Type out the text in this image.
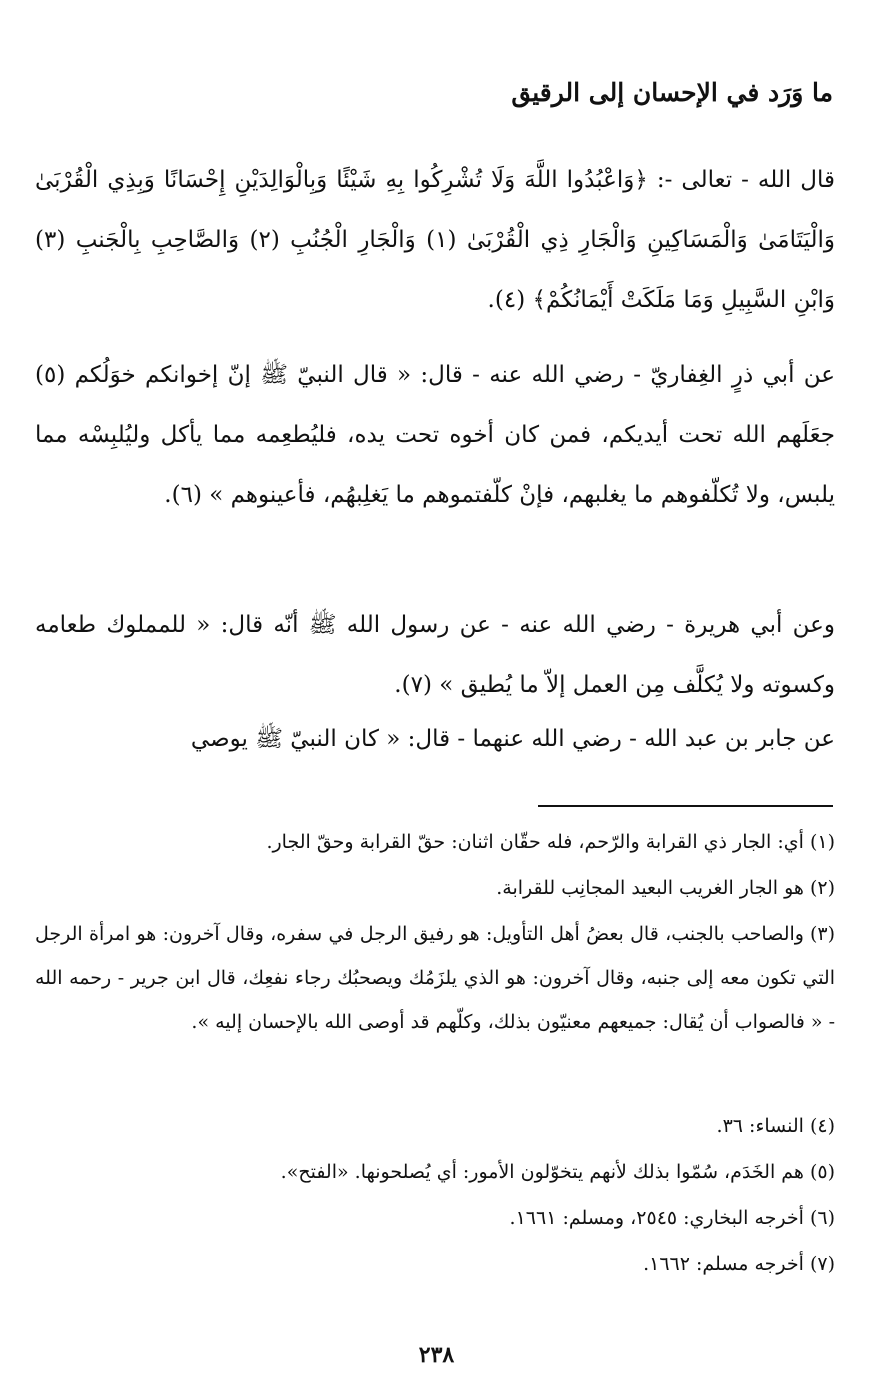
ما وَرَد في الإحسان إلى الرقيق
قال الله - تعالى -: ﴿وَاعْبُدُوا اللَّهَ وَلَا تُشْرِكُوا بِهِ شَيْئًا وَبِالْوَالِدَيْنِ إِحْسَانًا وَبِذِي الْقُرْبَىٰ وَالْيَتَامَىٰ وَالْمَسَاكِينِ وَالْجَارِ ذِي الْقُرْبَىٰ (١) وَالْجَارِ الْجُنُبِ (٢) وَالصَّاحِبِ بِالْجَنبِ (٣) وَابْنِ السَّبِيلِ وَمَا مَلَكَتْ أَيْمَانُكُمْ﴾ (٤).
عن أبي ذرٍ الغِفاريّ - رضي الله عنه - قال: « قال النبيّ ﷺ إنّ إخوانكم خوَلُكم (٥) جعَلَهم الله تحت أيديكم، فمن كان أخوه تحت يده، فليُطعِمه مما يأكل وليُلبِسْه مما يلبس، ولا تُكلّفوهم ما يغلبهم، فإنْ كلّفتموهم ما يَغلِبهُم، فأعينوهم » (٦).
وعن أبي هريرة - رضي الله عنه - عن رسول الله ﷺ أنّه قال: « للمملوك طعامه وكسوته ولا يُكلَّف مِن العمل إلاّ ما يُطيق » (٧).
عن جابر بن عبد الله - رضي الله عنهما - قال: « كان النبيّ ﷺ يوصي
(١)أي: الجار ذي القرابة والرّحم، فله حقّان اثنان: حقّ القرابة وحقّ الجار.
(٢)هو الجار الغريب البعيد المجانِب للقرابة.
(٣)والصاحب بالجنب، قال بعضُ أهل التأويل: هو رفيق الرجل في سفره، وقال آخرون: هو امرأة الرجل التي تكون معه إلى جنبه، وقال آخرون: هو الذي يلزَمُك ويصحبُك رجاء نفعِك، قال ابن جرير - رحمه الله - « فالصواب أن يُقال: جميعهم معنيّون بذلك، وكلّهم قد أوصى الله بالإحسان إليه ».
(٤)النساء: ٣٦.
(٥)هم الخَدَم، سُمّوا بذلك لأنهم يتخوّلون الأمور: أي يُصلحونها. «الفتح».
(٦)أخرجه البخاري: ٢٥٤٥، ومسلم: ١٦٦١.
(٧)أخرجه مسلم: ١٦٦٢.
٢٣٨
